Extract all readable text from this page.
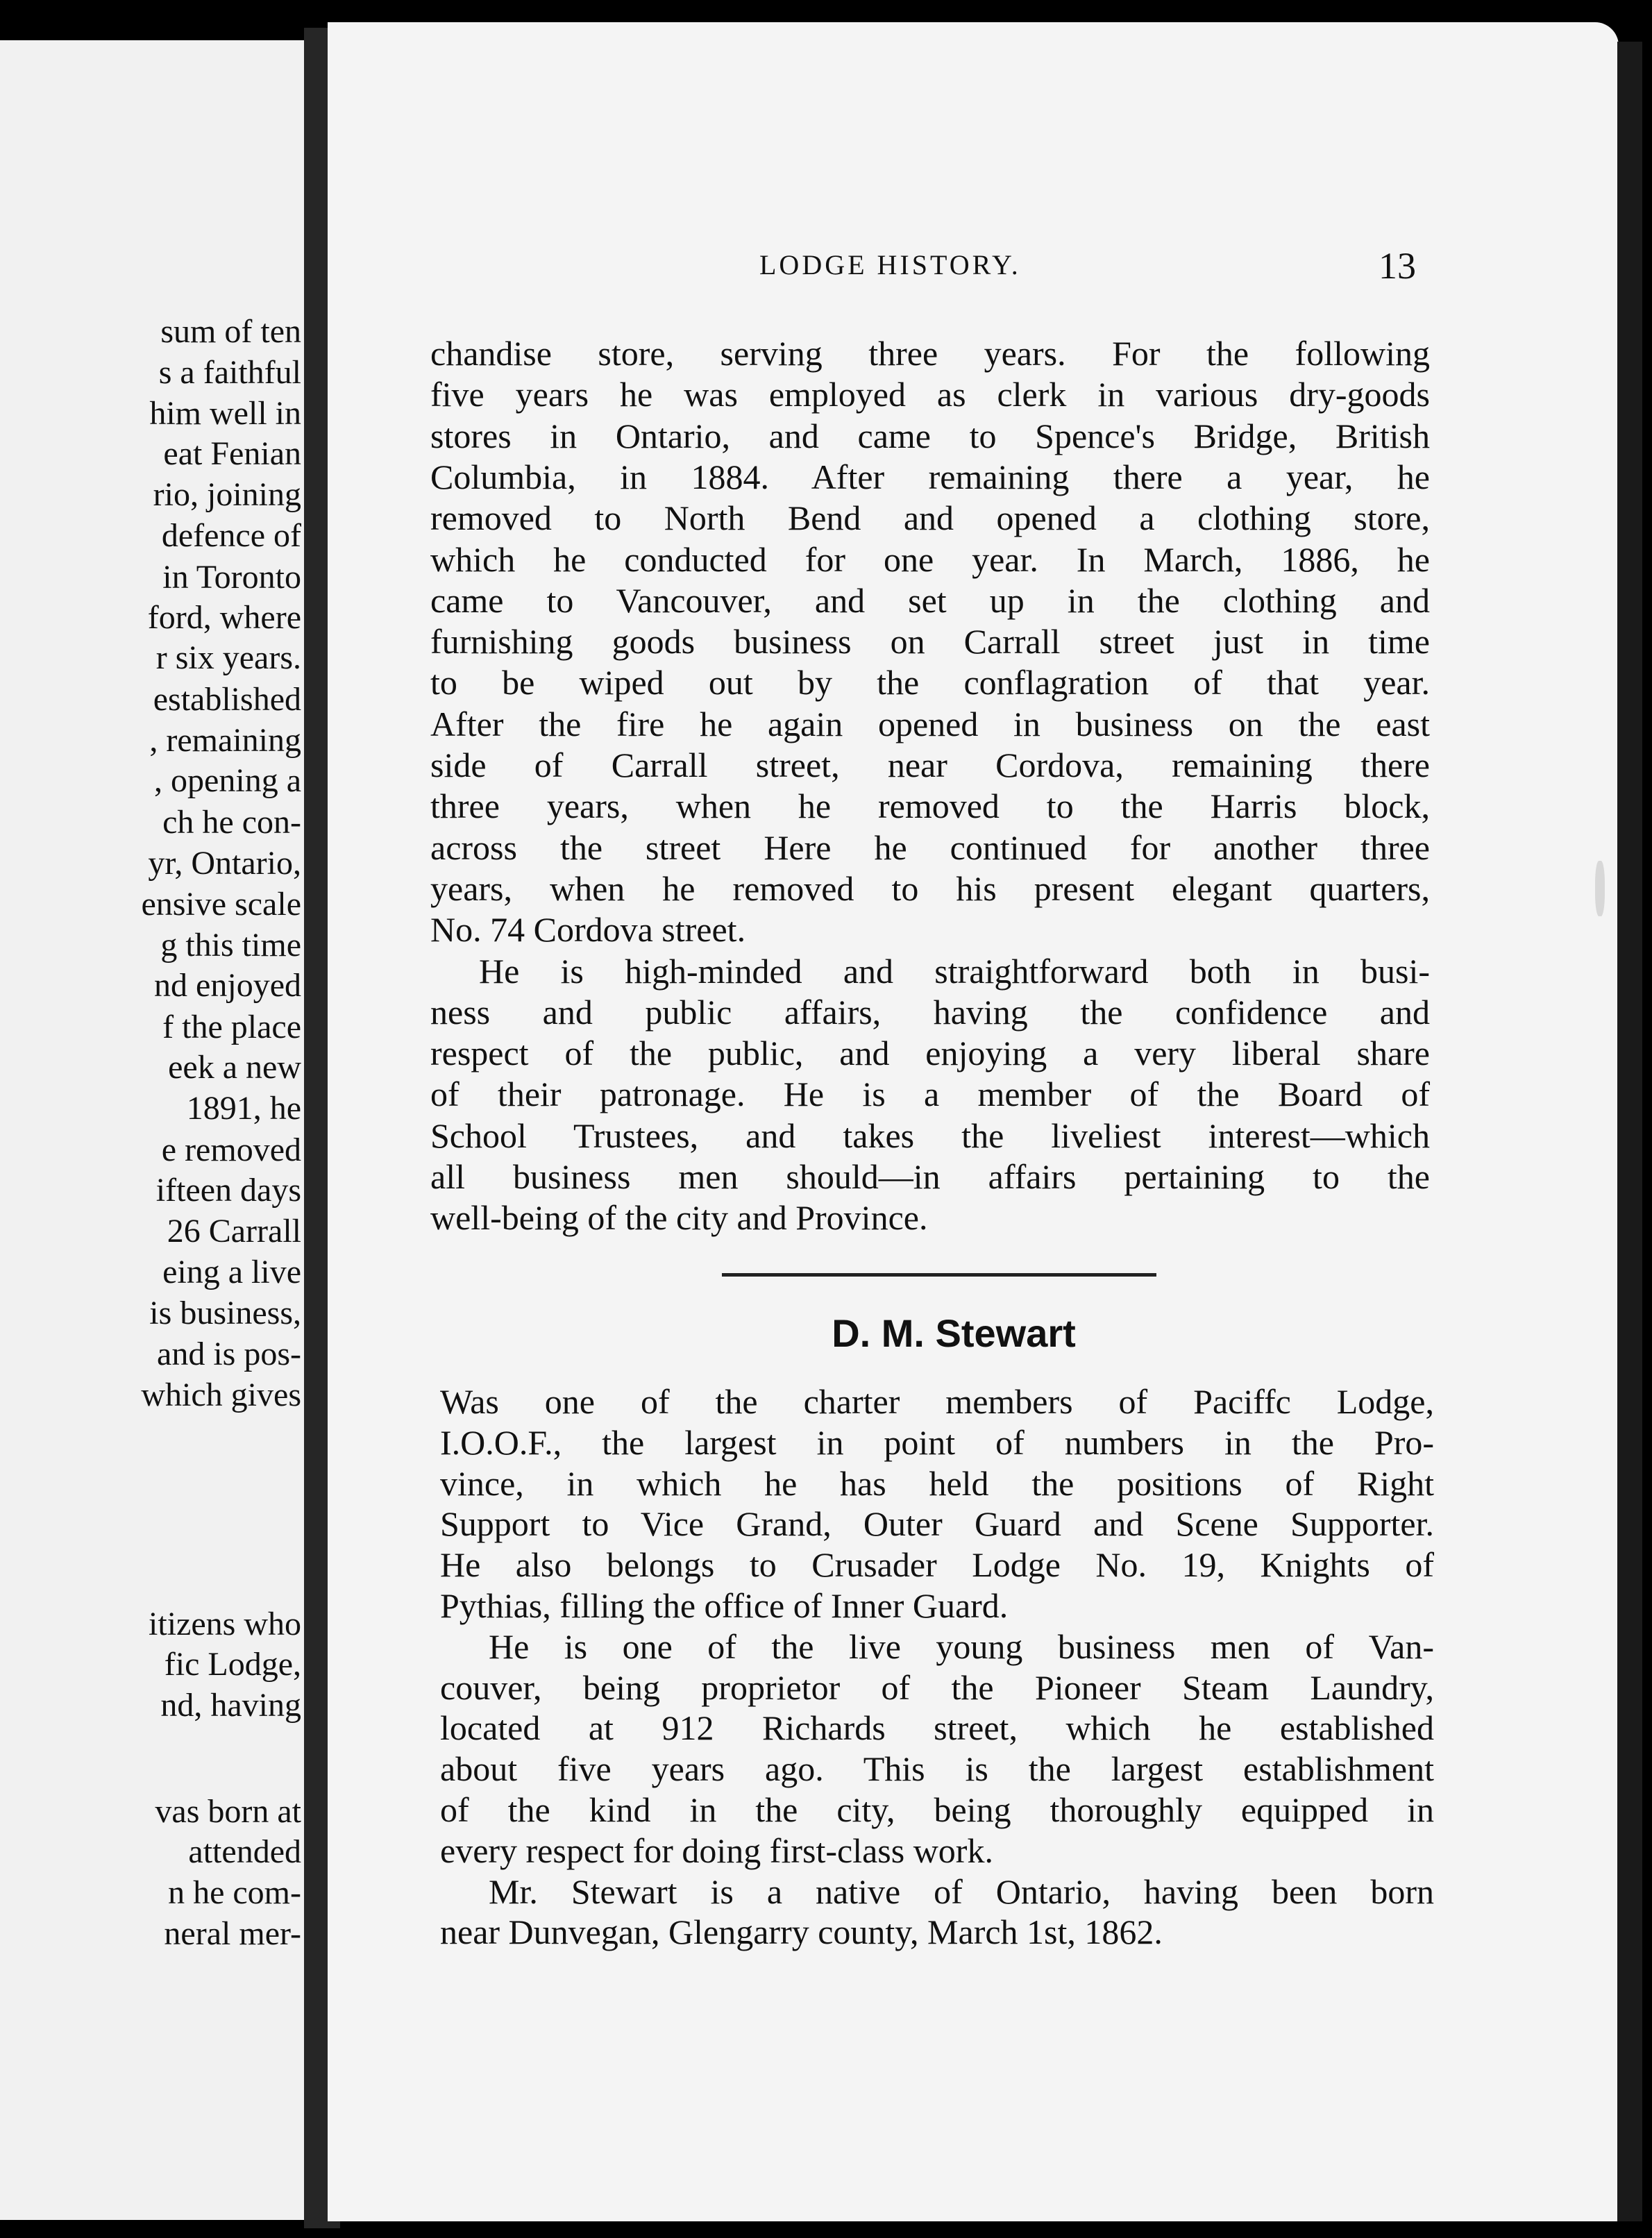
sum of ten
s a faithful
him well in
eat Fenian
rio, joining
defence of
in Toronto
ford, where
r six years.
established
, remaining
, opening a
ch he con-
yr, Ontario,
ensive scale
g this time
nd enjoyed
f the place
eek a new
1891, he
e removed
ifteen days
26 Carrall
eing a live
is business,
and is pos-
which gives
itizens who
fic Lodge,
nd, having
vas born at
attended
n he com-
neral mer-
LODGE HISTORY.	13
chandise store, serving three years. For the following
five years he was employed as clerk in various dry-goods
stores in Ontario, and came to Spence's Bridge, British
Columbia, in 1884. After remaining there a year, he
removed to North Bend and opened a clothing store,
which he conducted for one year. In March, 1886, he
came to Vancouver, and set up in the clothing and
furnishing goods business on Carrall street just in time
to be wiped out by the conflagration of that year.
After the fire he again opened in business on the east
side of Carrall street, near Cordova, remaining there
three years, when he removed to the Harris block,
across the street Here he continued for another three
years, when he removed to his present elegant quarters,
No. 74 Cordova street.
He is high-minded and straightforward both in busi-
ness and public affairs, having the confidence and
respect of the public, and enjoying a very liberal share
of their patronage. He is a member of the Board of
School Trustees, and takes the liveliest interest—which
all business men should—in affairs pertaining to the
well-being of the city and Province.
D. M. Stewart
Was one of the charter members of Paciffc Lodge,
I.O.O.F., the largest in point of numbers in the Pro-
vince, in which he has held the positions of Right
Support to Vice Grand, Outer Guard and Scene Supporter.
He also belongs to Crusader Lodge No. 19, Knights of
Pythias, filling the office of Inner Guard.
He is one of the live young business men of Van-
couver, being proprietor of the Pioneer Steam Laundry,
located at 912 Richards street, which he established
about five years ago. This is the largest establishment
of the kind in the city, being thoroughly equipped in
every respect for doing first-class work.
Mr. Stewart is a native of Ontario, having been born
near Dunvegan, Glengarry county, March 1st, 1862.
